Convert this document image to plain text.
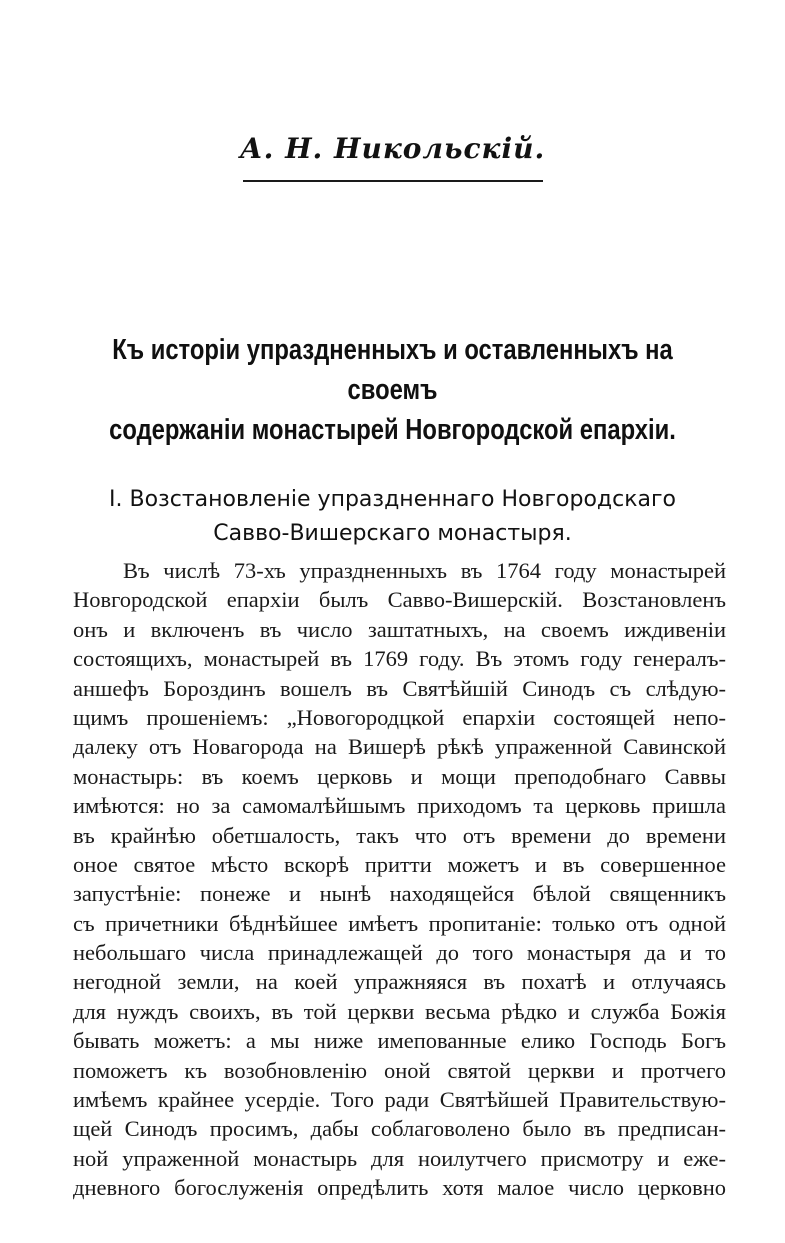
А. Н. Никольскій.
Къ исторіи упраздненныхъ и оставленныхъ на своемъ
содержаніи монастырей Новгородской епархіи.
I. Возстановленіе упраздненнаго Новгородскаго
Савво-Вишерскаго монастыря.
Въ числѣ 73-хъ упраздненныхъ въ 1764 году монастырей
Новгородской епархіи былъ Савво-Вишерскій. Возстановленъ
онъ и включенъ въ число заштатныхъ, на своемъ иждивеніи
состоящихъ, монастырей въ 1769 году. Въ этомъ году генералъ-
аншефъ Бороздинъ вошелъ въ Святѣйшій Синодъ съ слѣдую-
щимъ прошеніемъ: „Новогородцкой епархіи состоящей непо-
далеку отъ Новагорода на Вишерѣ рѣкѣ упраженной Савинской
монастырь: въ коемъ церковь и мощи преподобнаго Саввы
имѣются: но за самомалѣйшымъ приходомъ та церковь пришла
въ крайнѣю обетшалость, такъ что отъ времени до времени
оное святое мѣсто вскорѣ притти можетъ и въ совершенное
запустѣніе: понеже и нынѣ находящейся бѣлой священникъ
съ причетники бѣднѣйшее имѣетъ пропитаніе: только отъ одной
небольшаго числа принадлежащей до того монастыря да и то
негодной земли, на коей упражняяся въ похатѣ и отлучаясь
для нуждъ своихъ, въ той церкви весьма рѣдко и служба Божія
бывать можетъ: а мы ниже имепованные елико Господь Богъ
поможетъ къ возобновленію оной святой церкви и протчего
имѣемъ крайнее усердіе. Того ради Святѣйшей Правительствую-
щей Синодъ просимъ, дабы соблаговолено было въ предписан-
ной упраженной монастырь для ноилутчего присмотру и еже-
дневного богослуженія опредѣлить хотя малое число церковно
